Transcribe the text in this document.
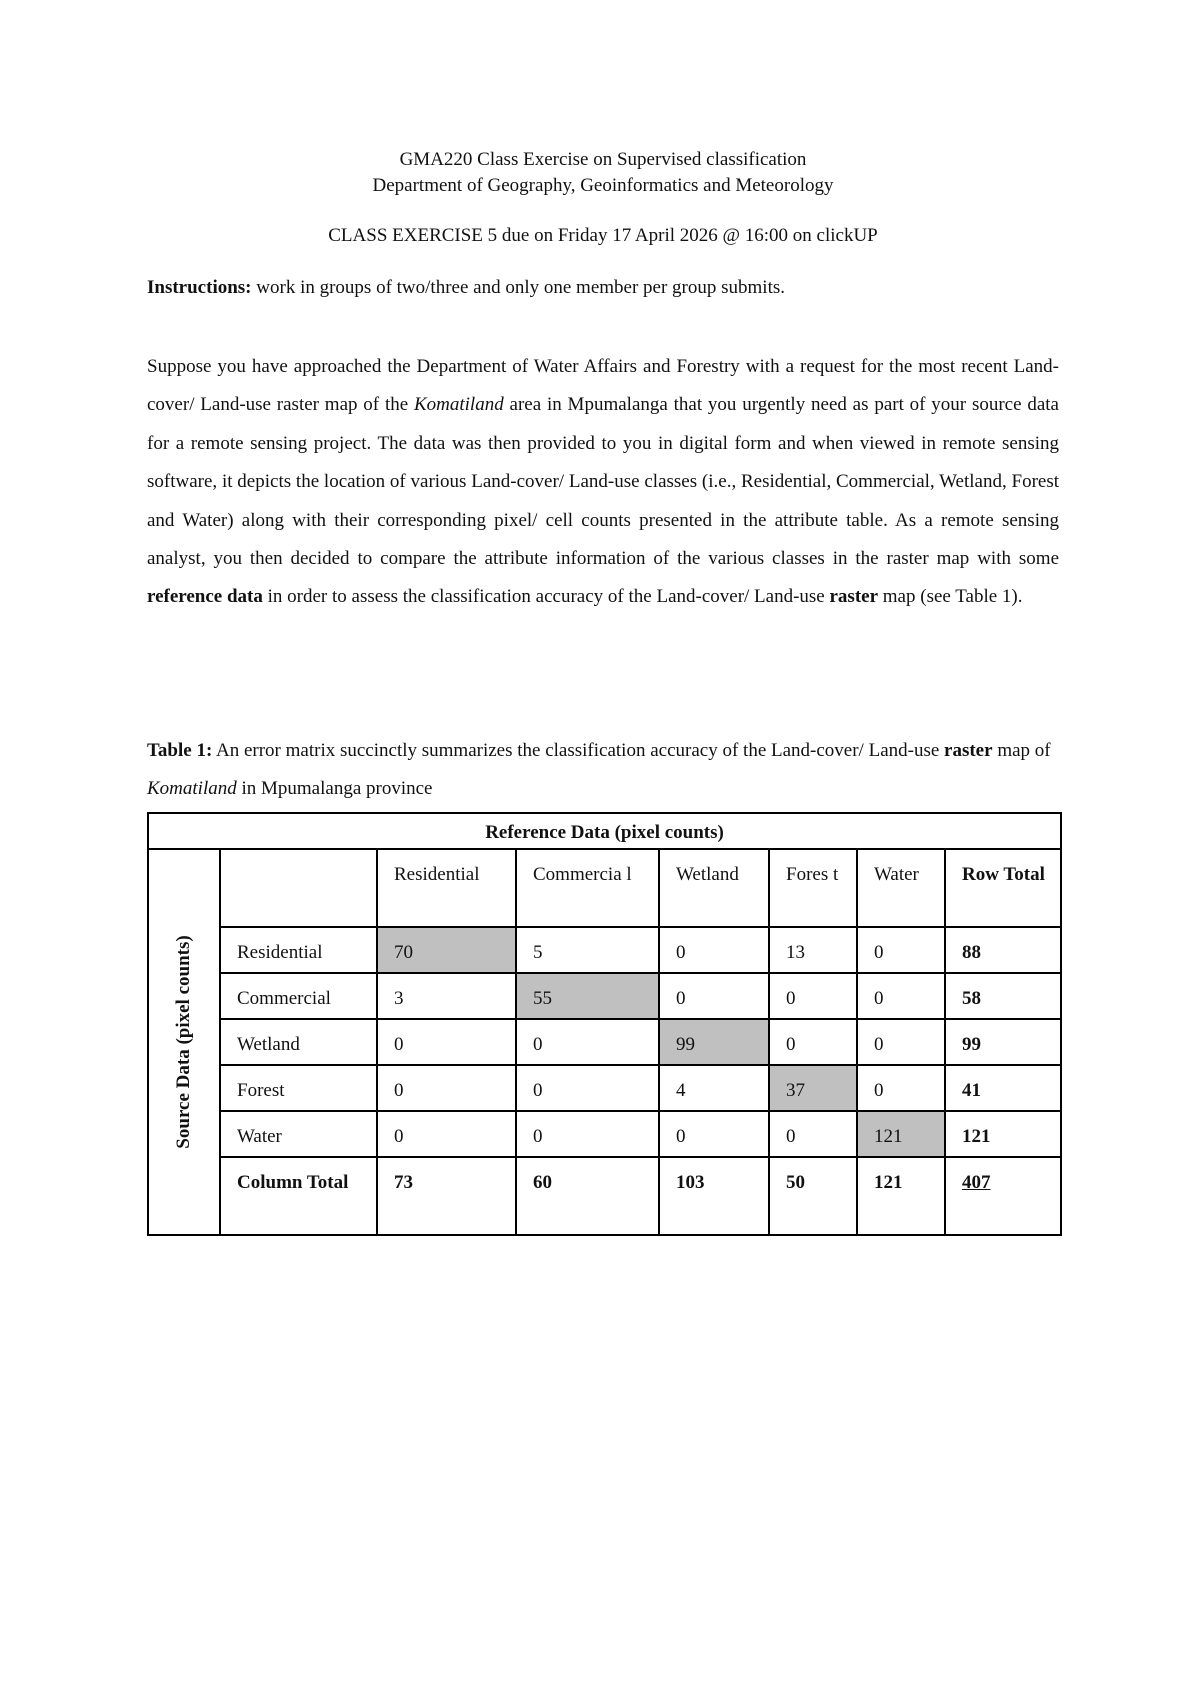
GMA220 Class Exercise on Supervised classification
Department of Geography, Geoinformatics and Meteorology
CLASS EXERCISE 5 due on Friday 17 April 2026 @ 16:00 on clickUP
Instructions: work in groups of two/three and only one member per group submits.
Suppose you have approached the Department of Water Affairs and Forestry with a request for the most recent Land-cover/ Land-use raster map of the Komatiland area in Mpumalanga that you urgently need as part of your source data for a remote sensing project. The data was then provided to you in digital form and when viewed in remote sensing software, it depicts the location of various Land-cover/ Land-use classes (i.e., Residential, Commercial, Wetland, Forest and Water) along with their corresponding pixel/ cell counts presented in the attribute table. As a remote sensing analyst, you then decided to compare the attribute information of the various classes in the raster map with some reference data in order to assess the classification accuracy of the Land-cover/ Land-use raster map (see Table 1).
Table 1: An error matrix succinctly summarizes the classification accuracy of the Land-cover/ Land-use raster map of Komatiland in Mpumalanga province
Reference Data (pixel counts)							

Source Data (pixel counts)		Residential	Commercia l	Wetland	Fores t	Water	Row Total
	Residential	70	5	0	13	0	88
	Commercial	3	55	0	0	0	58
	Wetland	0	0	99	0	0	99
	Forest	0	0	4	37	0	41
	Water	0	0	0	0	121	121
	Column Total	73	60	103	50	121	407
